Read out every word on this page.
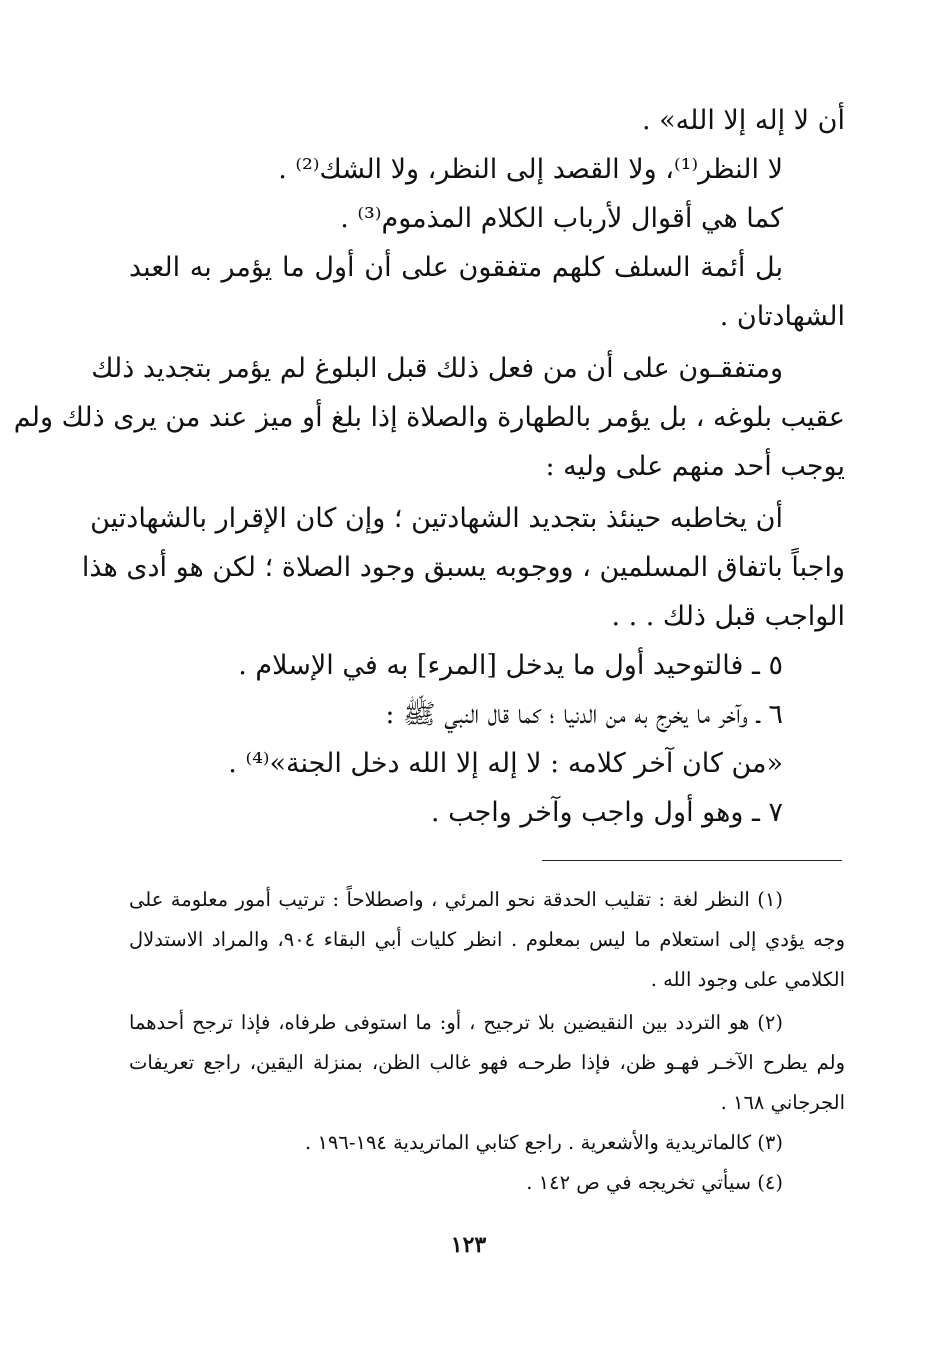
أن لا إله إلا الله» .
لا النظر⁽¹⁾، ولا القصد إلى النظر، ولا الشك⁽²⁾ .
كما هي أقوال لأرباب الكلام المذموم⁽³⁾ .
بل أئمة السلف كلهم متفقون على أن أول ما يؤمر به العبد
الشهادتان .
ومتفقـون على أن من فعل ذلك قبل البلوغ لم يؤمر بتجديد ذلك
عقيب بلوغه ، بل يؤمر بالطهارة والصلاة إذا بلغ أو ميز عند من يرى ذلك ولم
يوجب أحد منهم على وليه :
أن يخاطبه حينئذ بتجديد الشهادتين ؛ وإن كان الإقرار بالشهادتين
واجباً باتفاق المسلمين ، ووجوبه يسبق وجود الصلاة ؛ لكن هو أدى هذا
الواجب قبل ذلك . . .
٥ ـ فالتوحيد أول ما يدخل [المرء] به في الإسلام .
٦ ـ وآخر ما يخرج به من الدنيا ؛ كما قال النبي ﷺ :
«من كان آخر كلامه : لا إله إلا الله دخل الجنة»⁽⁴⁾ .
٧ ـ وهو أول واجب وآخر واجب .
(١) النظر لغة : تقليب الحدقة نحو المرئي ، واصطلاحاً : ترتيب أمور معلومة على
وجه يؤدي إلى استعلام ما ليس بمعلوم . انظر كليات أبي البقاء ٩٠٤، والمراد الاستدلال
الكلامي على وجود الله .
(٢) هو التردد بين النقيضين بلا ترجيح ، أو: ما استوفى طرفاه، فإذا ترجح أحدهما
ولم يطرح الآخـر فهـو ظن، فإذا طرحـه فهو غالب الظن، بمنزلة اليقين، راجع تعريفات
الجرجاني ١٦٨ .
(٣) كالماتريدية والأشعرية . راجع كتابي الماتريدية ١٩٤-١٩٦ .
(٤) سيأتي تخريجه في ص ١٤٢ .
١٢٣
